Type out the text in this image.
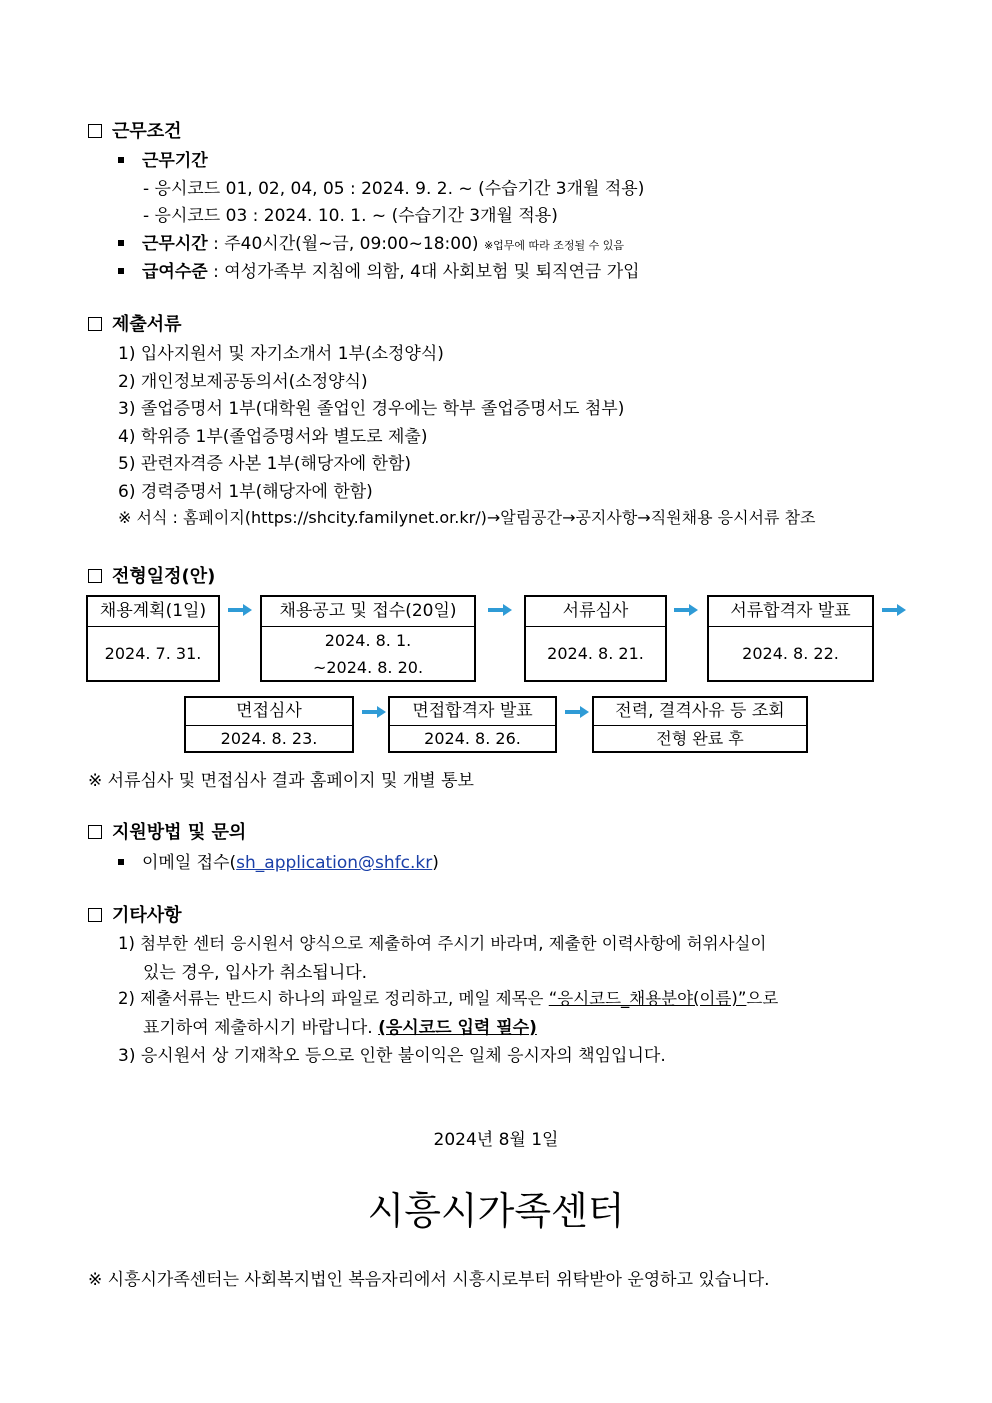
근무조건
근무기간
- 응시코드 01, 02, 04, 05 : 2024. 9. 2. ~ (수습기간 3개월 적용)
- 응시코드 03 : 2024. 10. 1. ~ (수습기간 3개월 적용)
근무시간 : 주40시간(월~금, 09:00~18:00) ※업무에 따라 조정될 수 있음
급여수준 : 여성가족부 지침에 의함, 4대 사회보험 및 퇴직연금 가입
제출서류
1) 입사지원서 및 자기소개서 1부(소정양식)
2) 개인정보제공동의서(소정양식)
3) 졸업증명서 1부(대학원 졸업인 경우에는 학부 졸업증명서도 첨부)
4) 학위증 1부(졸업증명서와 별도로 제출)
5) 관련자격증 사본 1부(해당자에 한함)
6) 경력증명서 1부(해당자에 한함)
※ 서식 : 홈페이지(https://shcity.familynet.or.kr/)→알림공간→공지사항→직원채용 응시서류 참조
전형일정(안)
채용계획(1일)
2024. 7. 31.
채용공고 및 접수(20일)
2024. 8. 1.
~2024. 8. 20.
서류심사
2024. 8. 21.
서류합격자 발표
2024. 8. 22.
면접심사
2024. 8. 23.
면접합격자 발표
2024. 8. 26.
전력, 결격사유 등 조회
전형 완료 후
※ 서류심사 및 면접심사 결과 홈페이지 및 개별 통보
지원방법 및 문의
이메일 접수(sh_application@shfc.kr)
기타사항
1) 첨부한 센터 응시원서 양식으로 제출하여 주시기 바라며, 제출한 이력사항에 허위사실이
있는 경우, 입사가 취소됩니다.
2) 제출서류는 반드시 하나의 파일로 정리하고, 메일 제목은 “응시코드_채용분야(이름)”으로
표기하여 제출하시기 바랍니다. (응시코드 입력 필수)
3) 응시원서 상 기재착오 등으로 인한 불이익은 일체 응시자의 책임입니다.
2024년 8월 1일
시흥시가족센터
※ 시흥시가족센터는 사회복지법인 복음자리에서 시흥시로부터 위탁받아 운영하고 있습니다.
